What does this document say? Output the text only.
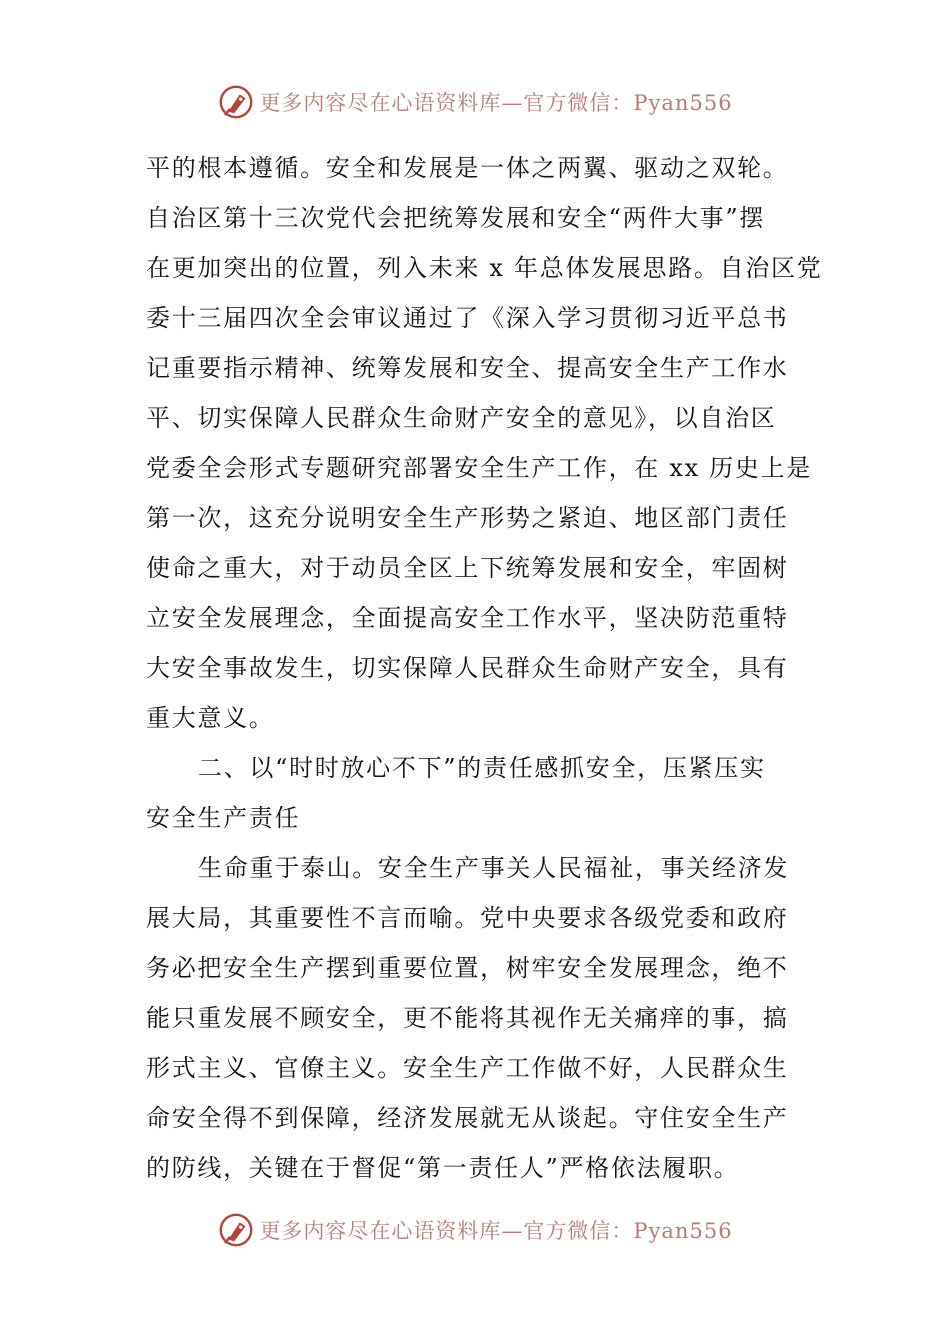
更多内容尽在心语资料库—官方微信：Pyan556
平的根本遵循。安全和发展是一体之两翼、驱动之双轮。
自治区第十三次党代会把统筹发展和安全“两件大事”摆
在更加突出的位置，列入未来 x 年总体发展思路。自治区党
委十三届四次全会审议通过了《深入学习贯彻习近平总书
记重要指示精神、统筹发展和安全、提高安全生产工作水
平、切实保障人民群众生命财产安全的意见》，以自治区
党委全会形式专题研究部署安全生产工作，在 xx 历史上是
第一次，这充分说明安全生产形势之紧迫、地区部门责任
使命之重大，对于动员全区上下统筹发展和安全，牢固树
立安全发展理念，全面提高安全工作水平，坚决防范重特
大安全事故发生，切实保障人民群众生命财产安全，具有
重大意义。
二、以“时时放心不下”的责任感抓安全，压紧压实
安全生产责任
生命重于泰山。安全生产事关人民福祉，事关经济发
展大局，其重要性不言而喻。党中央要求各级党委和政府
务必把安全生产摆到重要位置，树牢安全发展理念，绝不
能只重发展不顾安全，更不能将其视作无关痛痒的事，搞
形式主义、官僚主义。安全生产工作做不好，人民群众生
命安全得不到保障，经济发展就无从谈起。守住安全生产
的防线，关键在于督促“第一责任人”严格依法履职。
更多内容尽在心语资料库—官方微信：Pyan556
